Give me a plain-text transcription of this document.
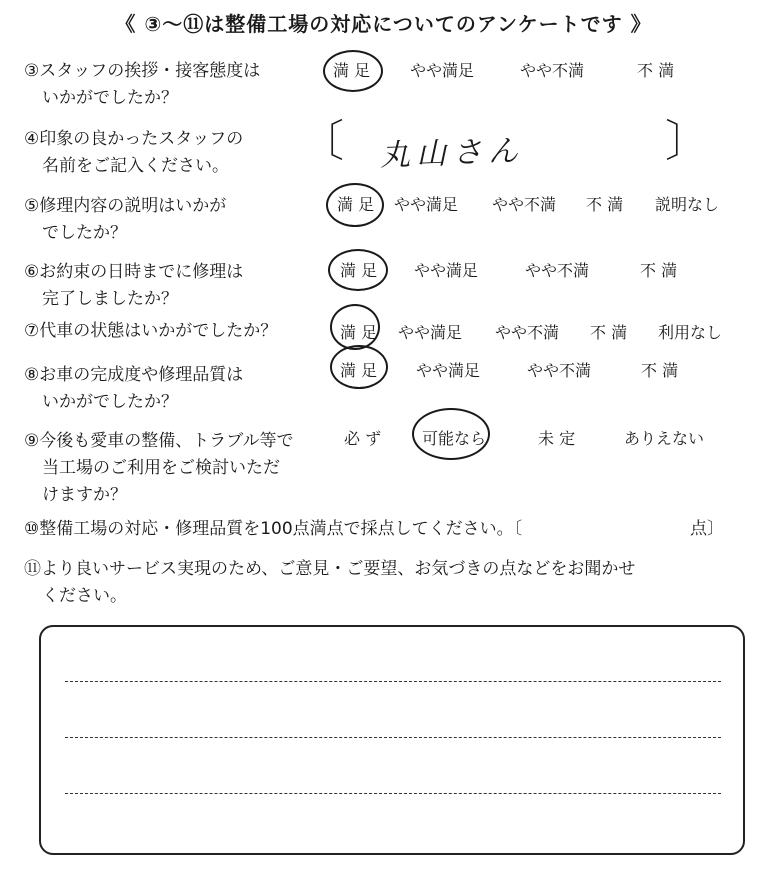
《 ③～⑪は整備工場の対応についてのアンケートです 》
③スタッフの挨拶・接客態度は
いかがでしたか？
満 足 やや満足	やや不満	不 満
④印象の良かったスタッフの
名前をご記入ください。	〔 丸山さん	〕
⑤修理内容の説明はいかが
でしたか？
満 足 やや満足 やや不満 不 満 説明なし
⑥お約束の日時までに修理は
完了しましたか？
満 足 やや満足	やや不満	不 満
⑦代車の状態はいかがでしたか？	満 足 やや満足 やや不満 不 満 利用なし
⑧お車の完成度や修理品質は
いかがでしたか？
満 足 やや満足	やや不満	不 満
⑨今後も愛車の整備、トラブル等で
当工場のご利用をご検討いただ
けますか？
必 ず	可能なら	未 定	ありえない
⑩整備工場の対応・修理品質を100点満点で採点してください。〔	点〕
⑪より良いサービス実現のため、ご意見・ご要望、お気づきの点などをお聞かせ
ください。
